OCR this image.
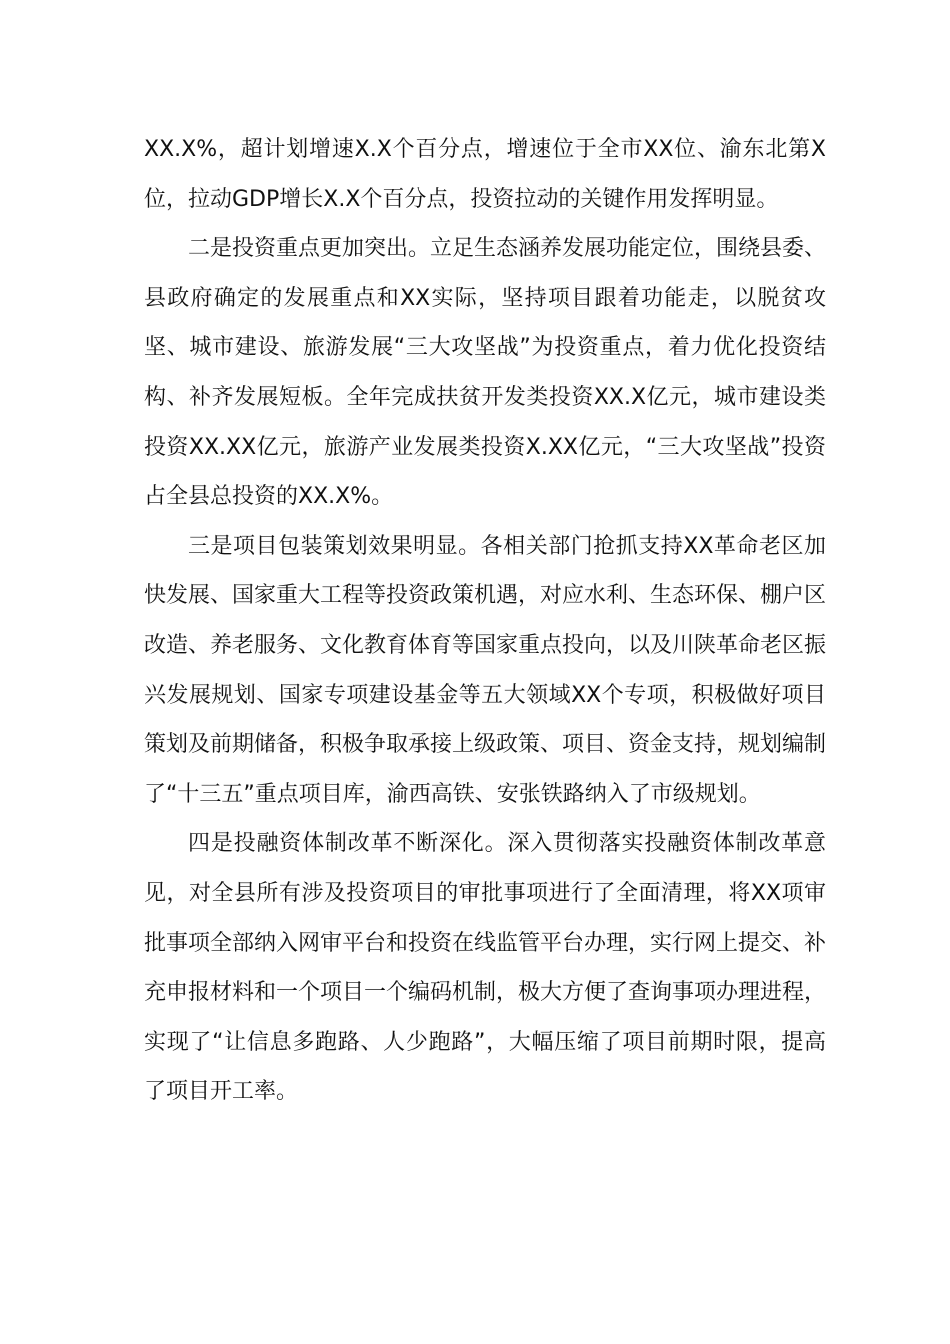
XX.X%，超计划增速X.X个百分点，增速位于全市XX位、渝东北第X位，拉动GDP增长X.X个百分点，投资拉动的关键作用发挥明显。

二是投资重点更加突出。立足生态涵养发展功能定位，围绕县委、县政府确定的发展重点和XX实际，坚持项目跟着功能走，以脱贫攻坚、城市建设、旅游发展“三大攻坚战”为投资重点，着力优化投资结构、补齐发展短板。全年完成扶贫开发类投资XX.X亿元，城市建设类投资XX.XX亿元，旅游产业发展类投资X.XX亿元，“三大攻坚战”投资占全县总投资的XX.X%。

三是项目包装策划效果明显。各相关部门抢抓支持XX革命老区加快发展、国家重大工程等投资政策机遇，对应水利、生态环保、棚户区改造、养老服务、文化教育体育等国家重点投向，以及川陕革命老区振兴发展规划、国家专项建设基金等五大领域XX个专项，积极做好项目策划及前期储备，积极争取承接上级政策、项目、资金支持，规划编制了“十三五”重点项目库，渝西高铁、安张铁路纳入了市级规划。

四是投融资体制改革不断深化。深入贯彻落实投融资体制改革意见，对全县所有涉及投资项目的审批事项进行了全面清理，将XX项审批事项全部纳入网审平台和投资在线监管平台办理，实行网上提交、补充申报材料和一个项目一个编码机制，极大方便了查询事项办理进程，实现了“让信息多跑路、人少跑路”，大幅压缩了项目前期时限，提高了项目开工率。
